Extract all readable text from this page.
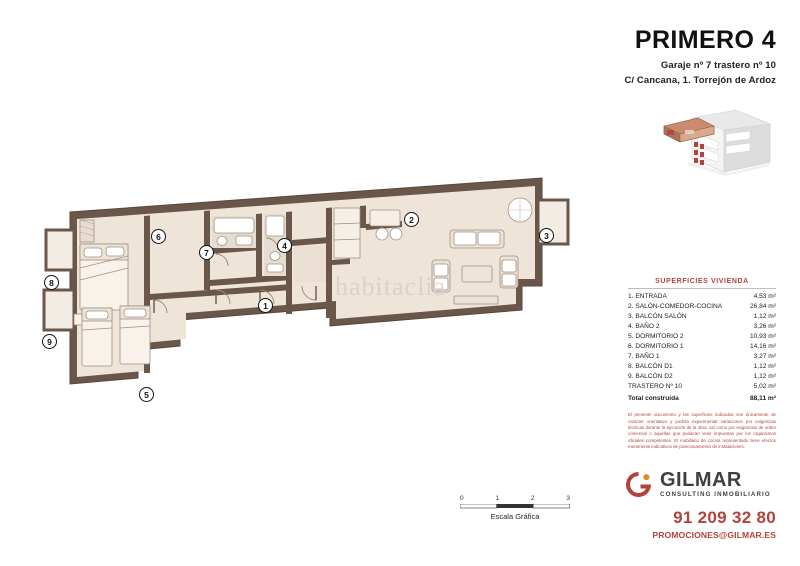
PRIMERO 4
Garaje nº 7 trastero nº 10
C/ Cancana, 1. Torrejón de Ardoz
habitaclia
1
2
3
4
5
6
7
8
9
0	1	2	3
Escala Gráfica
SUPERFICIES VIVIENDA
1. ENTRADA	4,53 m²
2. SALÓN-COMEDOR-COCINA	26,84 m²
3. BALCÓN SALÓN	1,12 m²
4. BAÑO 2	3,26 m²
5. DORMITORIO 2	10,93 m²
6. DORMITORIO 1	14,16 m²
7. BAÑO 1	3,27 m²
8. BALCÓN D1	1,12 m²
9. BALCÓN D2	1,12 m²
TRASTERO Nº 10	5,02 m²
Total construida	88,11 m²
El presente documento y las superficies indicadas son únicamente de carácter orientativo y podrán experimentar variaciones por exigencias técnicas durante la ejecución de la obra, así como por exigencias de orden comercial o aquellas que pudieran venir impuestas por los organismos oficiales competentes. El mobiliario de cocina representado tiene efectos meramente indicativos de posicionamiento de instalaciones.
GILMAR
CONSULTING INMOBILIARIO
91 209 32 80
PROMOCIONES@GILMAR.ES
